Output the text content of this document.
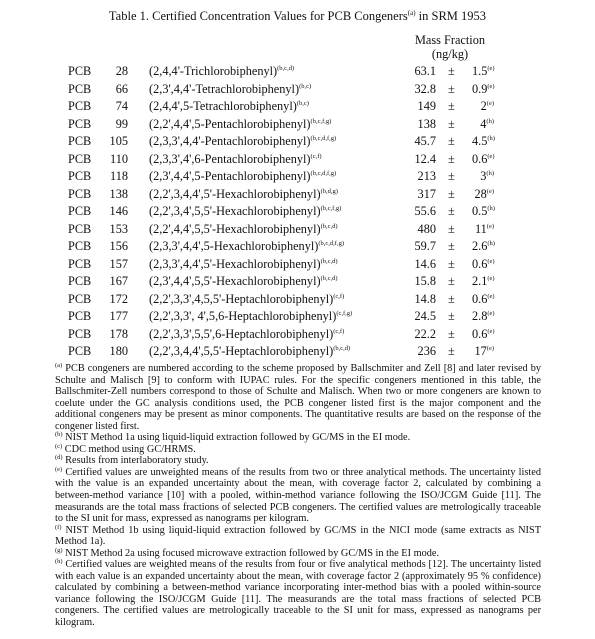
Table 1. Certified Concentration Values for PCB Congeners$^{(a)}$ in SRM 1953
Mass Fraction
(ng/kg)
PCB	28 (2,4,4'-Trichlorobiphenyl)$^{(b,c,d)}$	$63.1 \pm 1.5^{(e)}$
PCB	66 (2,3',4,4'-Tetrachlorobiphenyl)$^{(b,c)}$	$32.8 \pm 0.9^{(e)}$
PCB	74 (2,4,4',5-Tetrachlorobiphenyl)$^{(b,c)}$	149 ±	$2^{(e)}$
PCB	99 (2,2',4,4',5-Pentachlorobiphenyl)$^{(b,c,f,g)}$	138 ±	$4^{(h)}$
PCB	105 (2,3,3',4,4'-Pentachlorobiphenyl)$^{(b,c,d,f,g)}$	$45.7 \pm 4.5^{(h)}$
PCB	110 (2,3,3',4',6-Pentachlorobiphenyl)$^{(c,f)}$	$12.4 \pm 0.6^{(e)}$
PCB	118 (2,3',4,4',5-Pentachlorobiphenyl)$^{(b,c,d,f,g)}$	213 ±	$3^{(h)}$
PCB	138 (2,2',3,4,4',5'-Hexachlorobiphenyl)$^{(b,d,g)}$	$317 \pm 28^{(e)}$
PCB	146 (2,2',3,4',5,5'-Hexachlorobiphenyl)$^{(b,c,f,g)}$	$55.6 \pm 0.5^{(h)}$
PCB	153 (2,2',4,4',5,5'-Hexachlorobiphenyl)$^{(b,c,d)}$	$480 \pm 11^{(e)}$
PCB	156 (2,3,3',4,4',5-Hexachlorobiphenyl)$^{(b,c,d,f,g)}$	$59.7 \pm 2.6^{(h)}$
PCB	157 (2,3,3',4,4',5'-Hexachlorobiphenyl)$^{(b,c,d)}$	$14.6 \pm 0.6^{(e)}$
PCB	167 (2,3',4,4',5,5'-Hexachlorobiphenyl)$^{(b,c,d)}$	$15.8 \pm 2.1^{(e)}$
PCB	172 (2,2',3,3',4,5,5'-Heptachlorobiphenyl)$^{(c,f)}$	$14.8 \pm 0.6^{(e)}$
PCB	177 (2,2',3,3', 4',5,6-Heptachlorobiphenyl)$^{(c,f,g)}$	$24.5 \pm 2.8^{(e)}$
PCB	178 (2,2',3,3',5,5',6-Heptachlorobiphenyl)$^{(c,f)}$	$22.2 \pm 0.6^{(e)}$
PCB	180 (2,2',3,4,4',5,5'-Heptachlorobiphenyl)$^{(b,c,d)}$	$236 \pm 17^{(e)}$

$^{(a)}$ PCB congeners are numbered according to the scheme proposed by Ballschmiter and Zell [8] and later revised by Schulte and Malisch [9] to conform with IUPAC rules. For the specific congeners mentioned in this table, the Ballschmiter-Zell numbers correspond to those of Schulte and Malisch. When two or more congeners are known to coelute under the GC analysis conditions used, the PCB congener listed first is the major component and the additional congeners may be present as minor components. The quantitative results are based on the response of the congener listed first.

$^{(b)}$ NIST Method 1a using liquid-liquid extraction followed by GC/MS in the EI mode.

$^{(c)}$ CDC method using GC/HRMS.

$^{(d)}$ Results from interlaboratory study.

$^{(e)}$ Certified values are unweighted means of the results from two or three analytical methods. The uncertainty listed with the value is an expanded uncertainty about the mean, with coverage factor 2, calculated by combining a between-method variance [10] with a pooled, within-method variance following the ISO/JCGM Guide [11]. The measurands are the total mass fractions of selected PCB congeners. The certified values are metrologically traceable to the SI unit for mass, expressed as nanograms per kilogram.

$^{(f)}$ NIST Method 1b using liquid-liquid extraction followed by GC/MS in the NICI mode (same extracts as NIST Method 1a).

$^{(g)}$ NIST Method 2a using focused microwave extraction followed by GC/MS in the EI mode.

$^{(h)}$ Certified values are weighted means of the results from four or five analytical methods [12]. The uncertainty listed with each value is an expanded uncertainty about the mean, with coverage factor 2 (approximately 95 % confidence) calculated by combining a between-method variance incorporating inter-method bias with a pooled within-source variance following the ISO/JCGM Guide [11]. The measurands are the total mass fractions of selected PCB congeners. The certified values are metrologically traceable to the SI unit for mass, expressed as nanograms per kilogram.
